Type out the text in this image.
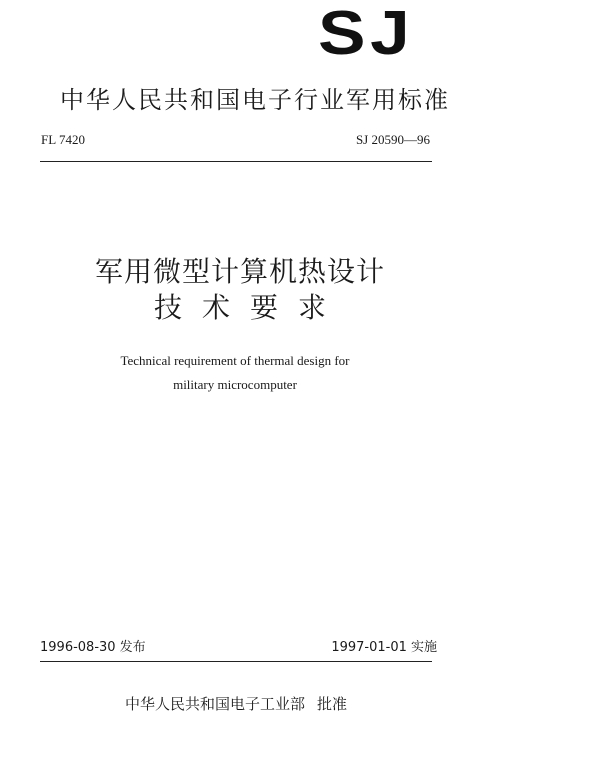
SJ
中华人民共和国电子行业军用标准
FL 7420	SJ 20590—96
军用微型计算机热设计
技术要求
Technical requirement of thermal design for
military microcomputer
1996-08-30 发布	1997-01-01 实施
中华人民共和国电子工业部 批准
